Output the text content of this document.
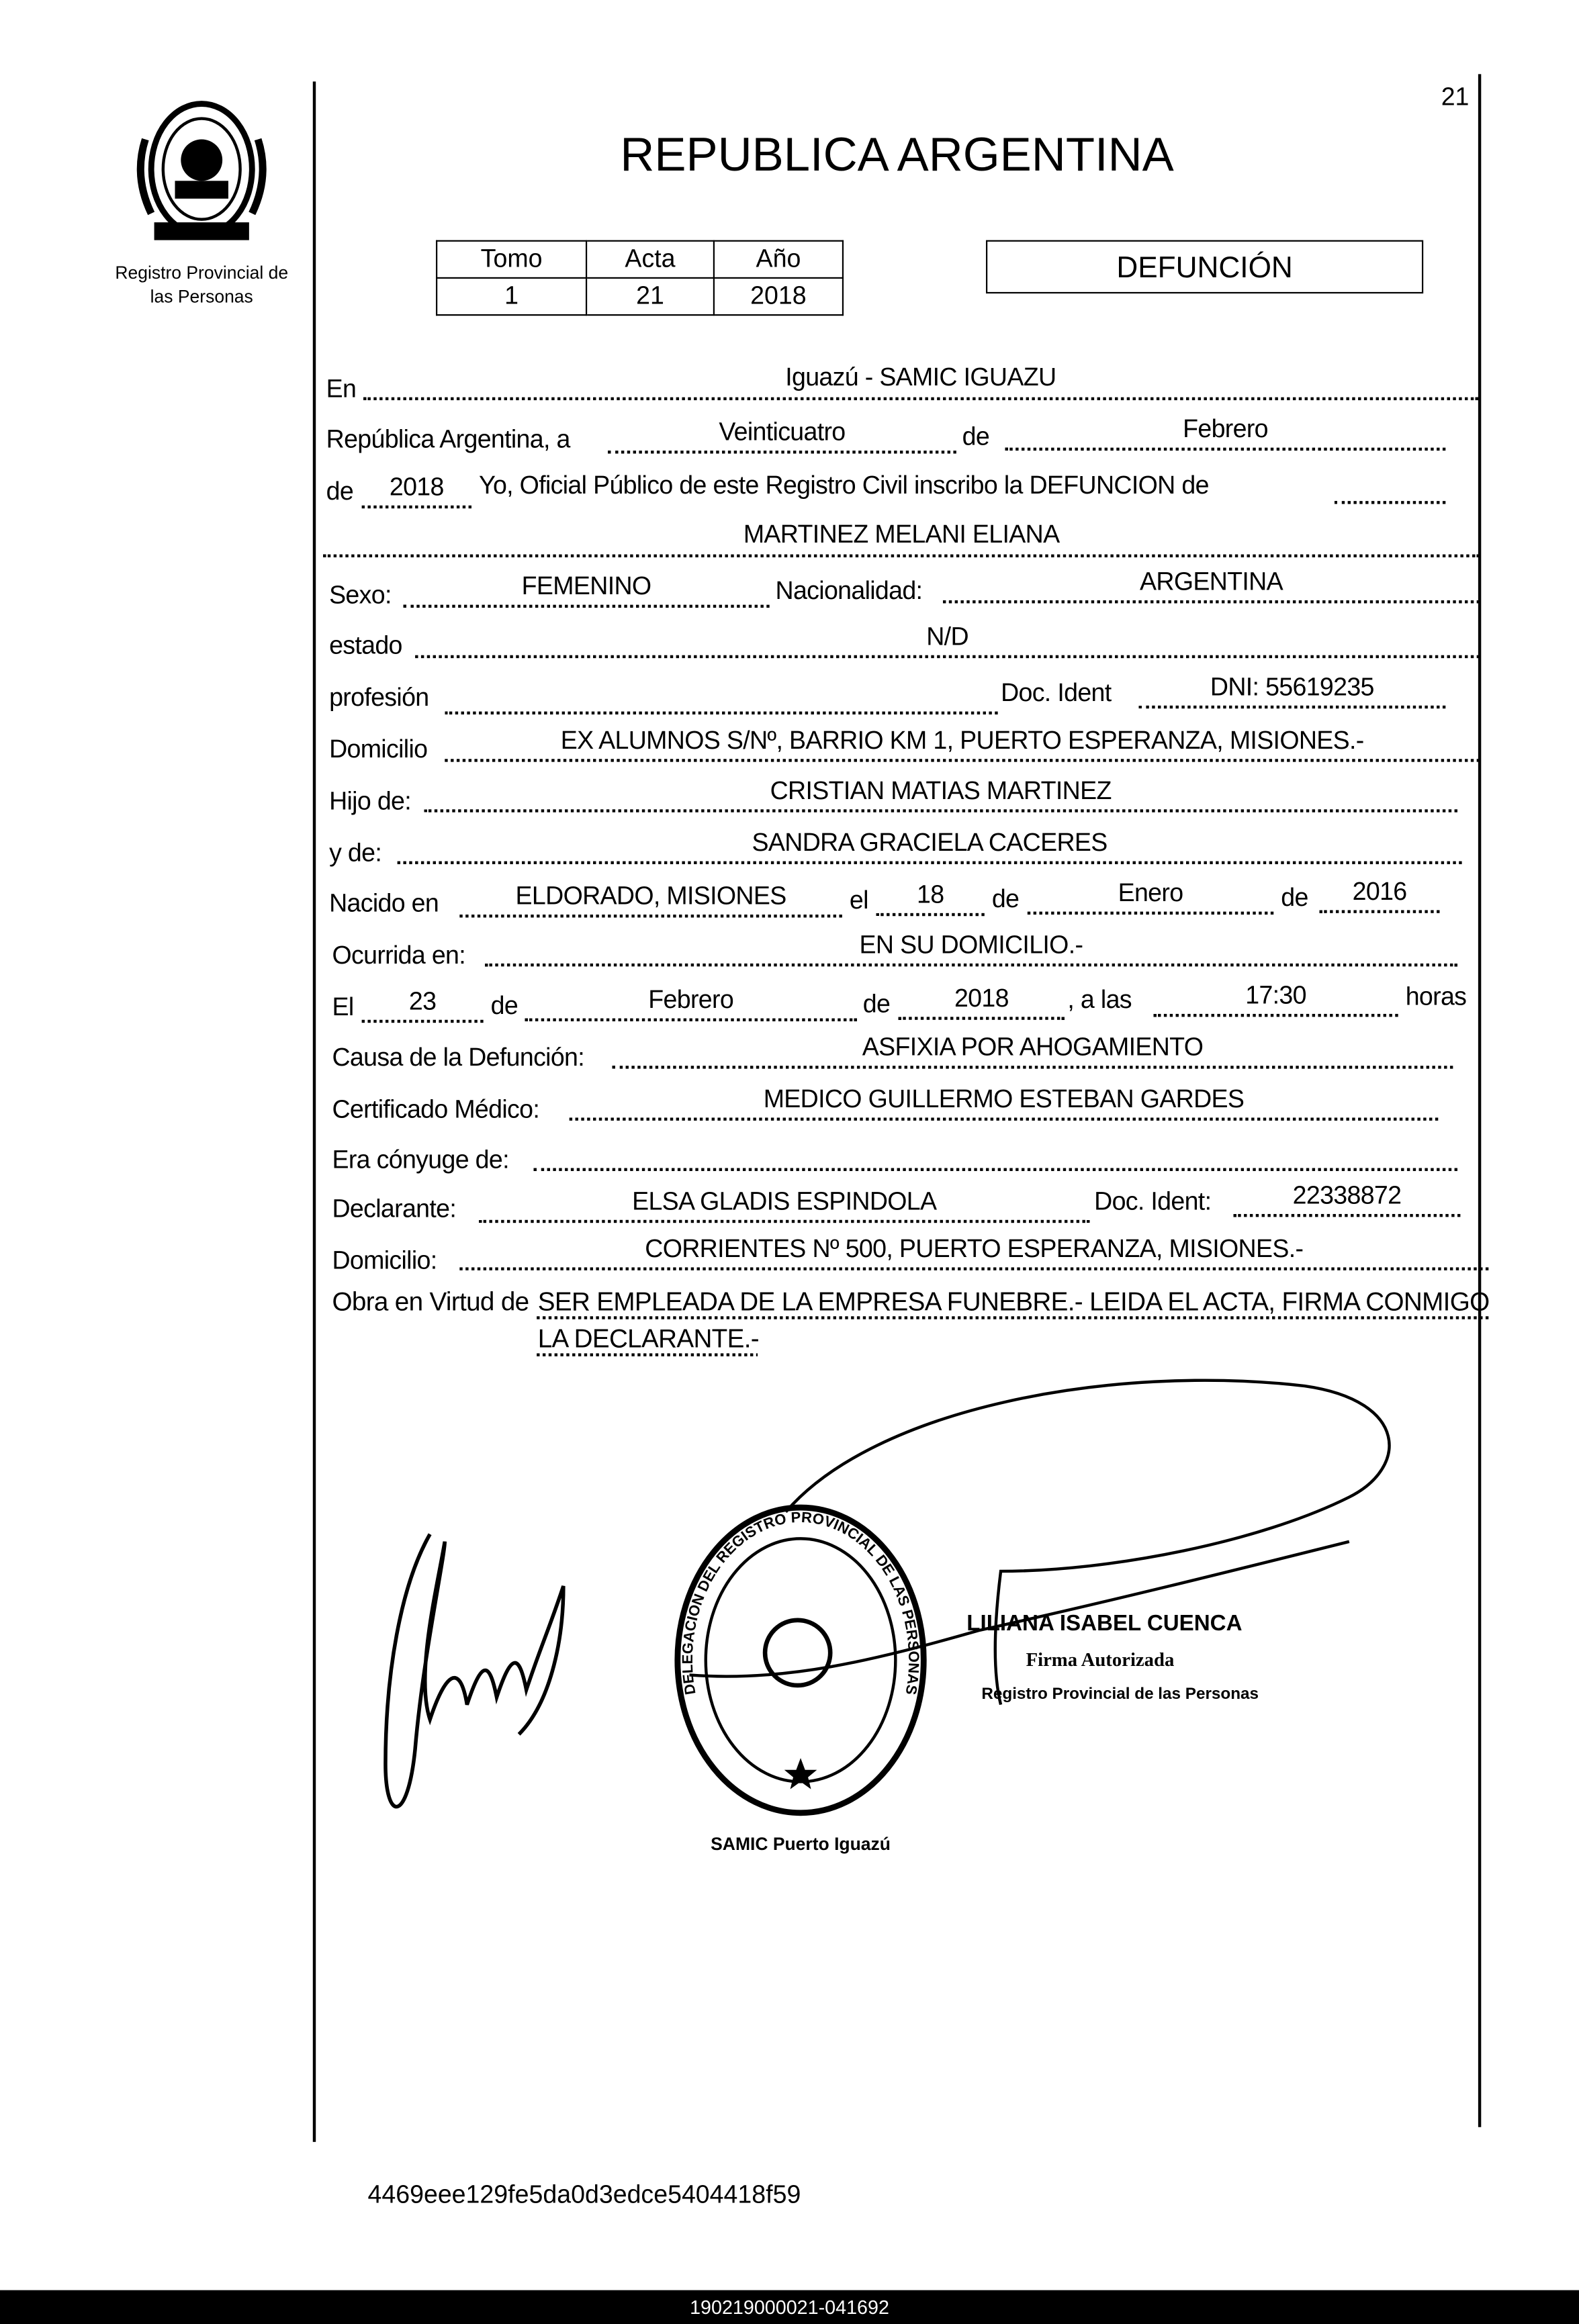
21
Registro Provincial de
las Personas
REPUBLICA ARGENTINA
Tomo	Acta	Año
1	21	2018
DEFUNCIÓN
En	Iguazú - SAMIC IGUAZU
República Argentina, a	Veinticuatro	de	Febrero
de	2018	Yo, Oficial Público de este Registro Civil inscribo la DEFUNCION de
MARTINEZ MELANI ELIANA
Sexo:	FEMENINO	Nacionalidad:	ARGENTINA
estado	N/D
profesión	Doc. Ident	DNI: 55619235
Domicilio	EX ALUMNOS S/Nº, BARRIO KM 1, PUERTO ESPERANZA, MISIONES.-
Hijo de:	CRISTIAN MATIAS MARTINEZ
y de:	SANDRA GRACIELA CACERES
Nacido en	ELDORADO, MISIONES	el	18	de	Enero	de	2016
Ocurrida en:	EN SU DOMICILIO.-
El	23	de	Febrero	de	2018	, a las	17:30	horas
Causa de la Defunción:	ASFIXIA POR AHOGAMIENTO
Certificado Médico:	MEDICO GUILLERMO ESTEBAN GARDES
Era cónyuge de:
Declarante:	ELSA GLADIS ESPINDOLA	Doc. Ident:	22338872
Domicilio:	CORRIENTES Nº 500, PUERTO ESPERANZA, MISIONES.-
Obra en Virtud de SER EMPLEADA DE LA EMPRESA FUNEBRE.- LEIDA EL ACTA, FIRMA CONMIGO LA DECLARANTE.-
DELEGACION DEL REGISTRO PROVINCIAL DE LAS PERSONAS
SAMIC Puerto Iguazú
LILIANA ISABEL CUENCA
Firma Autorizada
Registro Provincial de las Personas
4469eee129fe5da0d3edce5404418f59
190219000021-041692
